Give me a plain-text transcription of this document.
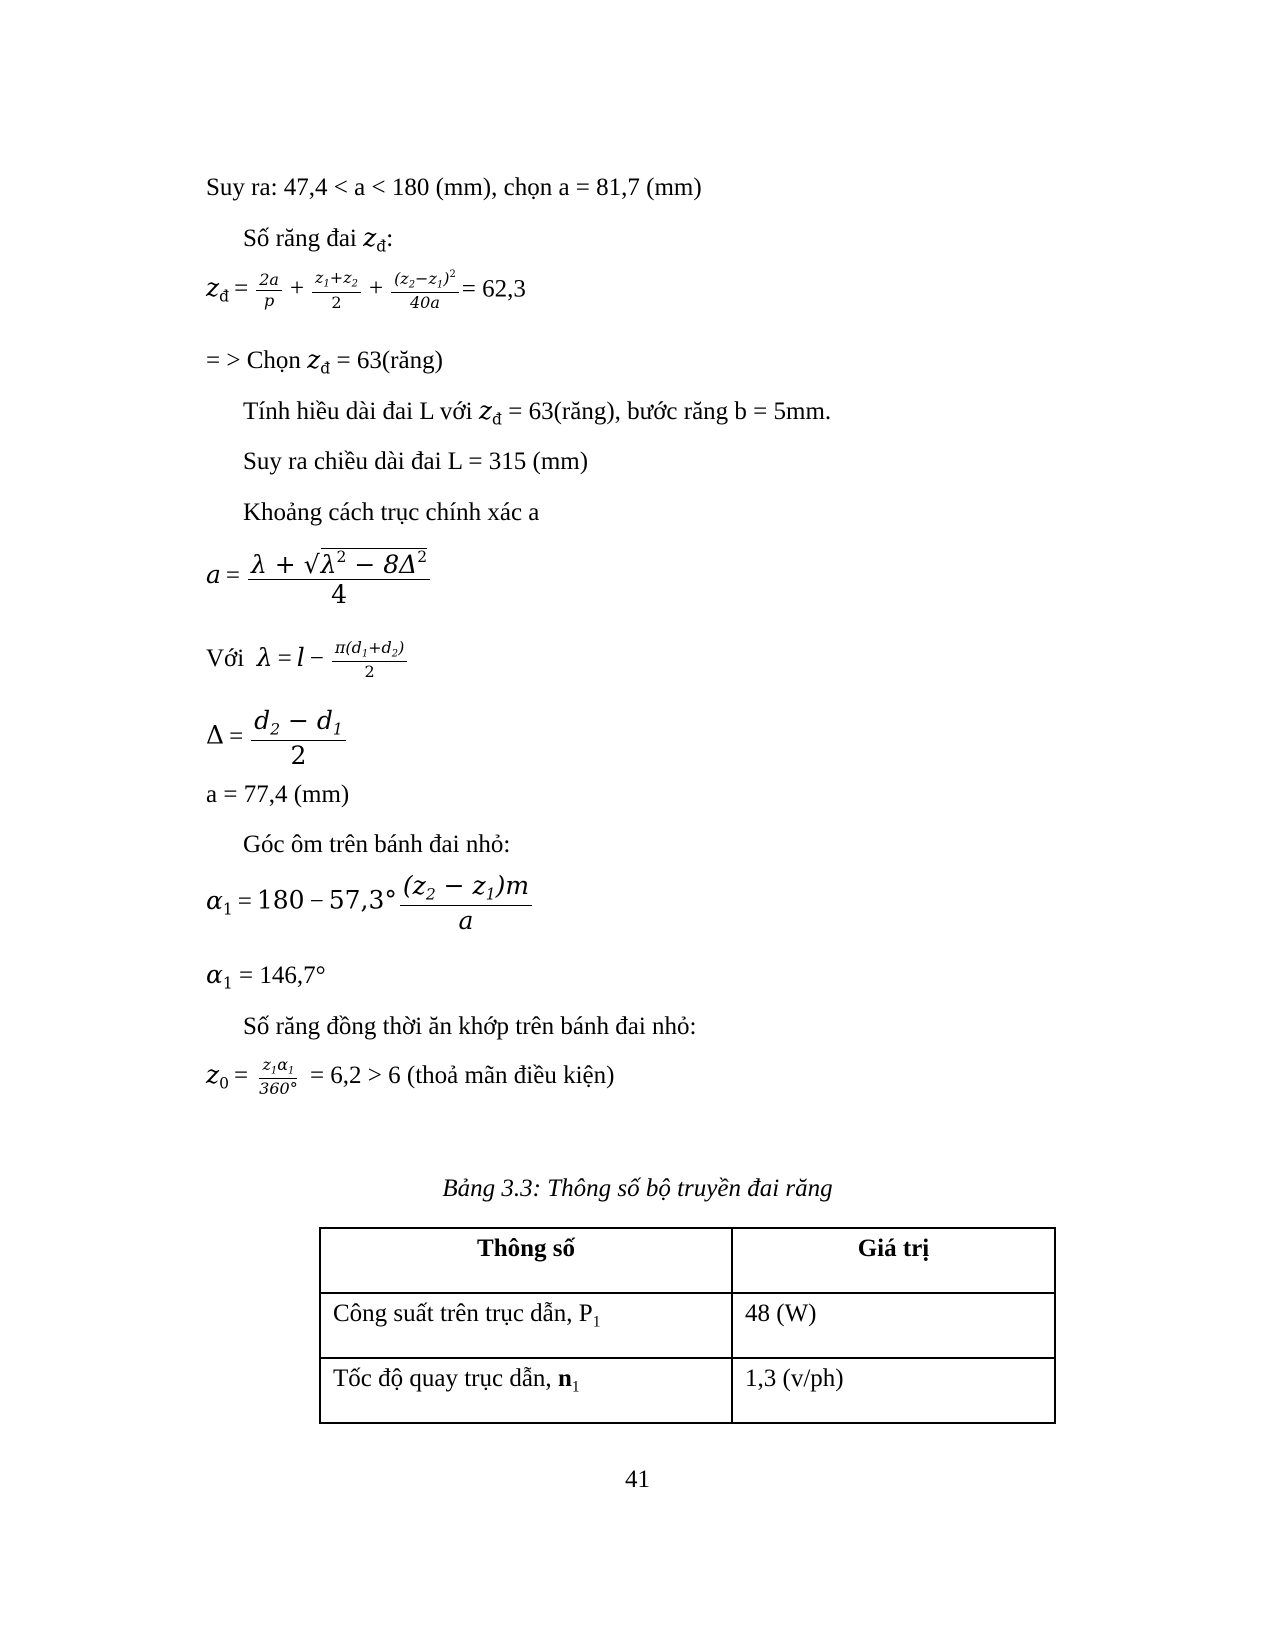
Suy ra: 47,4 < a < 180 (mm), chọn a = 81,7 (mm)
Số răng đai $z_đ$:
$z_đ = \frac{2a}{p} + \frac{z_1+z_2}{2} + \frac{(z_2-z_1)^2}{40a} = 62,3$
= > Chọn $z_đ$ = 63(răng)
Tính hiều dài đai L với $z_đ$ = 63(răng), bước răng b = 5mm.
Suy ra chiều dài đai L = 315 (mm)
Khoảng cách trục chính xác a
$a = \frac{\lambda + √\lambda^2 - 8\Delta^2}{4}$
Với $\lambda = l - \frac{\pi(d_1+d_2)}{2}$
$\Delta = \frac{d_2 - d_1}{2}$
a = 77,4 (mm)
Góc ôm trên bánh đai nhỏ:
$\alpha_1 = 180 - 57,3^\circ \frac{(z_2 - z_1)m}{a}$
$\alpha_1 = 146,7^\circ$
Số răng đồng thời ăn khớp trên bánh đai nhỏ:
$z_0 = \frac{z_1\alpha_1}{360^\circ} = 6,2 > 6$ (thoả mãn điều kiện)
Bảng 3.3: Thông số bộ truyền đai răng
Thông số	Giá trị
Công suất trên trục dẫn, $P_1$	48 (W)
Tốc độ quay trục dẫn, $n_1$	1,3 (v/ph)
41
